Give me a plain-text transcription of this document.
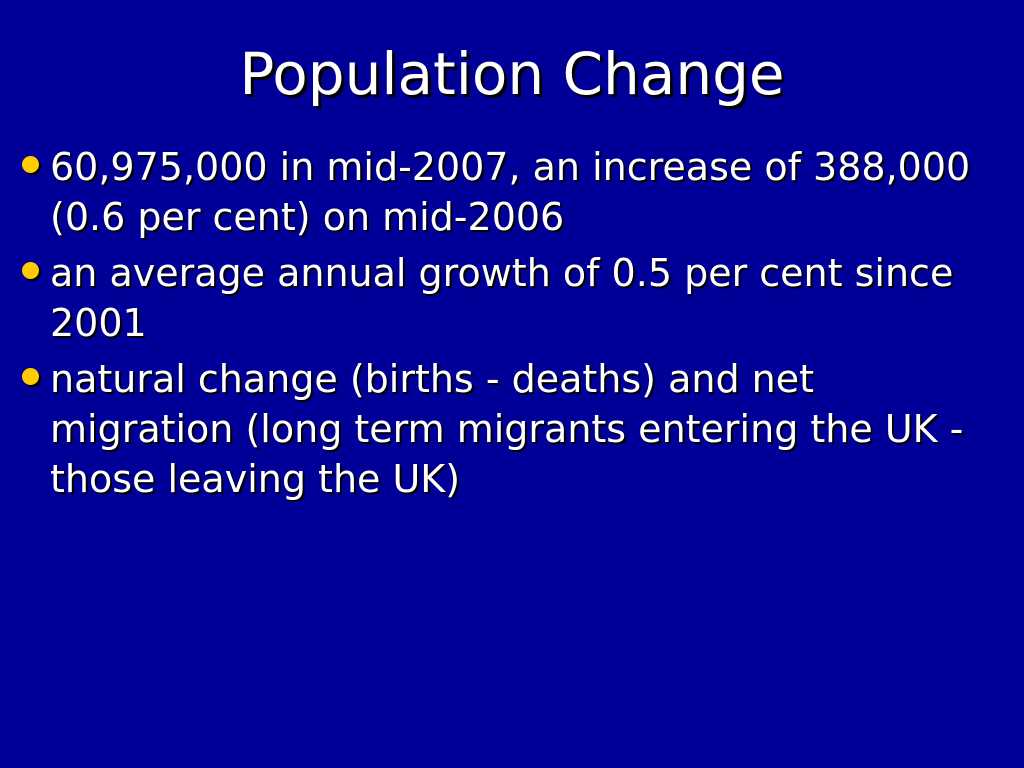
Population Change
60,975,000 in mid-2007, an increase of 388,000 (0.6 per cent) on mid-2006
an average annual growth of 0.5 per cent since 2001
natural change (births - deaths) and net migration (long term migrants entering the UK - those leaving the UK)
